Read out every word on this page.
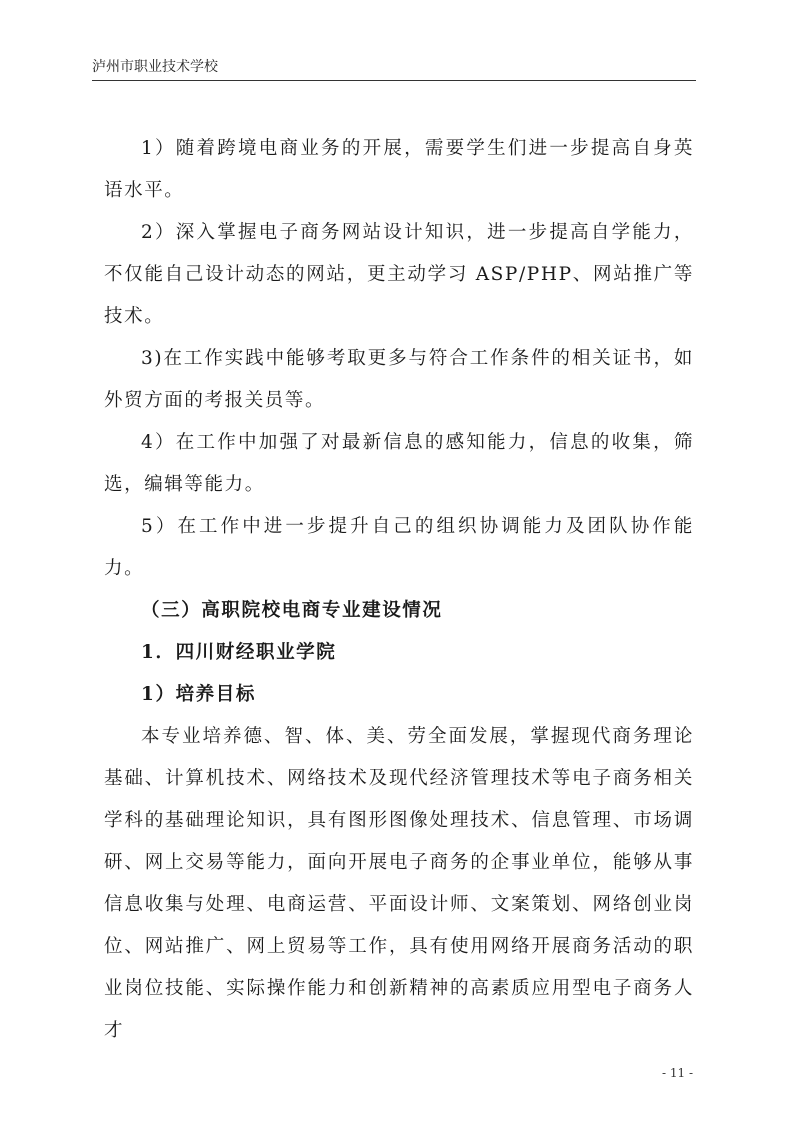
泸州市职业技术学校

1）随着跨境电商业务的开展，需要学生们进一步提高自身英语水平。

2）深入掌握电子商务网站设计知识，进一步提高自学能力，不仅能自己设计动态的网站，更主动学习 ASP/PHP、网站推广等技术。

3)在工作实践中能够考取更多与符合工作条件的相关证书，如外贸方面的考报关员等。

4）在工作中加强了对最新信息的感知能力，信息的收集，筛选，编辑等能力。

5）在工作中进一步提升自己的组织协调能力及团队协作能力。

（三）高职院校电商专业建设情况

1．四川财经职业学院

1）培养目标

本专业培养德、智、体、美、劳全面发展，掌握现代商务理论基础、计算机技术、网络技术及现代经济管理技术等电子商务相关学科的基础理论知识，具有图形图像处理技术、信息管理、市场调研、网上交易等能力，面向开展电子商务的企事业单位，能够从事信息收集与处理、电商运营、平面设计师、文案策划、网络创业岗位、网站推广、网上贸易等工作，具有使用网络开展商务活动的职业岗位技能、实际操作能力和创新精神的高素质应用型电子商务人才

- 11 -
